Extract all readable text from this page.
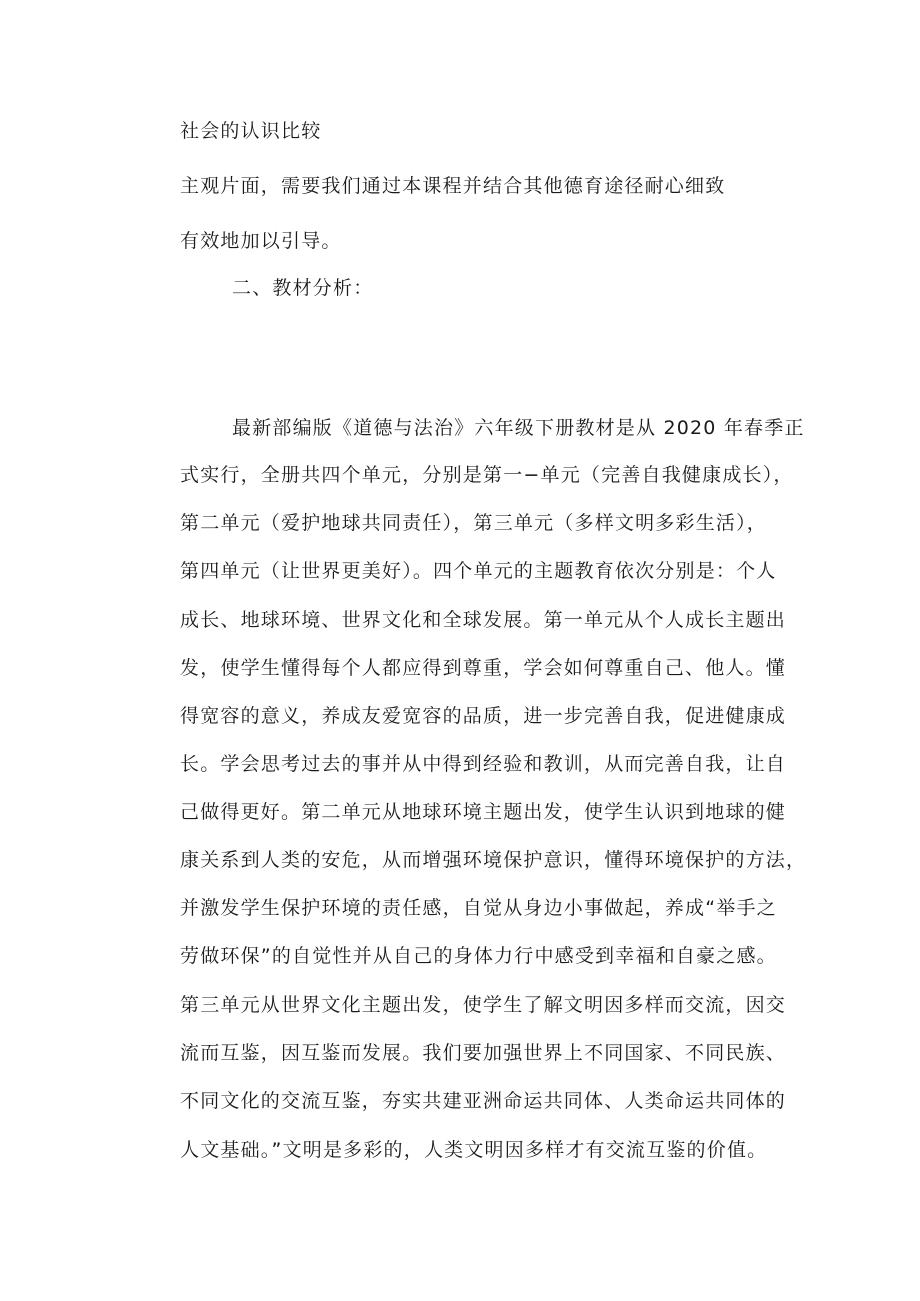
社会的认识比较
主观片面，需要我们通过本课程并结合其他德育途径耐心细致
有效地加以引导。
二、教材分析：
最新部编版《道德与法治》六年级下册教材是从 2020 年春季正
式实行，全册共四个单元，分别是第一−单元（完善自我健康成长），
第二单元（爱护地球共同责任），第三单元（多样文明多彩生活），
第四单元（让世界更美好）。四个单元的主题教育依次分别是：个人
成长、地球环境、世界文化和全球发展。第一单元从个人成长主题出
发，使学生懂得每个人都应得到尊重，学会如何尊重自己、他人。懂
得宽容的意义，养成友爱宽容的品质，进一步完善自我，促进健康成
长。学会思考过去的事并从中得到经验和教训，从而完善自我，让自
己做得更好。第二单元从地球环境主题出发，使学生认识到地球的健
康关系到人类的安危，从而增强环境保护意识，懂得环境保护的方法，
并激发学生保护环境的责任感，自觉从身边小事做起，养成“举手之
劳做环保”的自觉性并从自己的身体力行中感受到幸福和自豪之感。
第三单元从世界文化主题出发，使学生了解文明因多样而交流，因交
流而互鉴，因互鉴而发展。我们要加强世界上不同国家、不同民族、
不同文化的交流互鉴，夯实共建亚洲命运共同体、人类命运共同体的
人文基础。”文明是多彩的，人类文明因多样才有交流互鉴的价值。
